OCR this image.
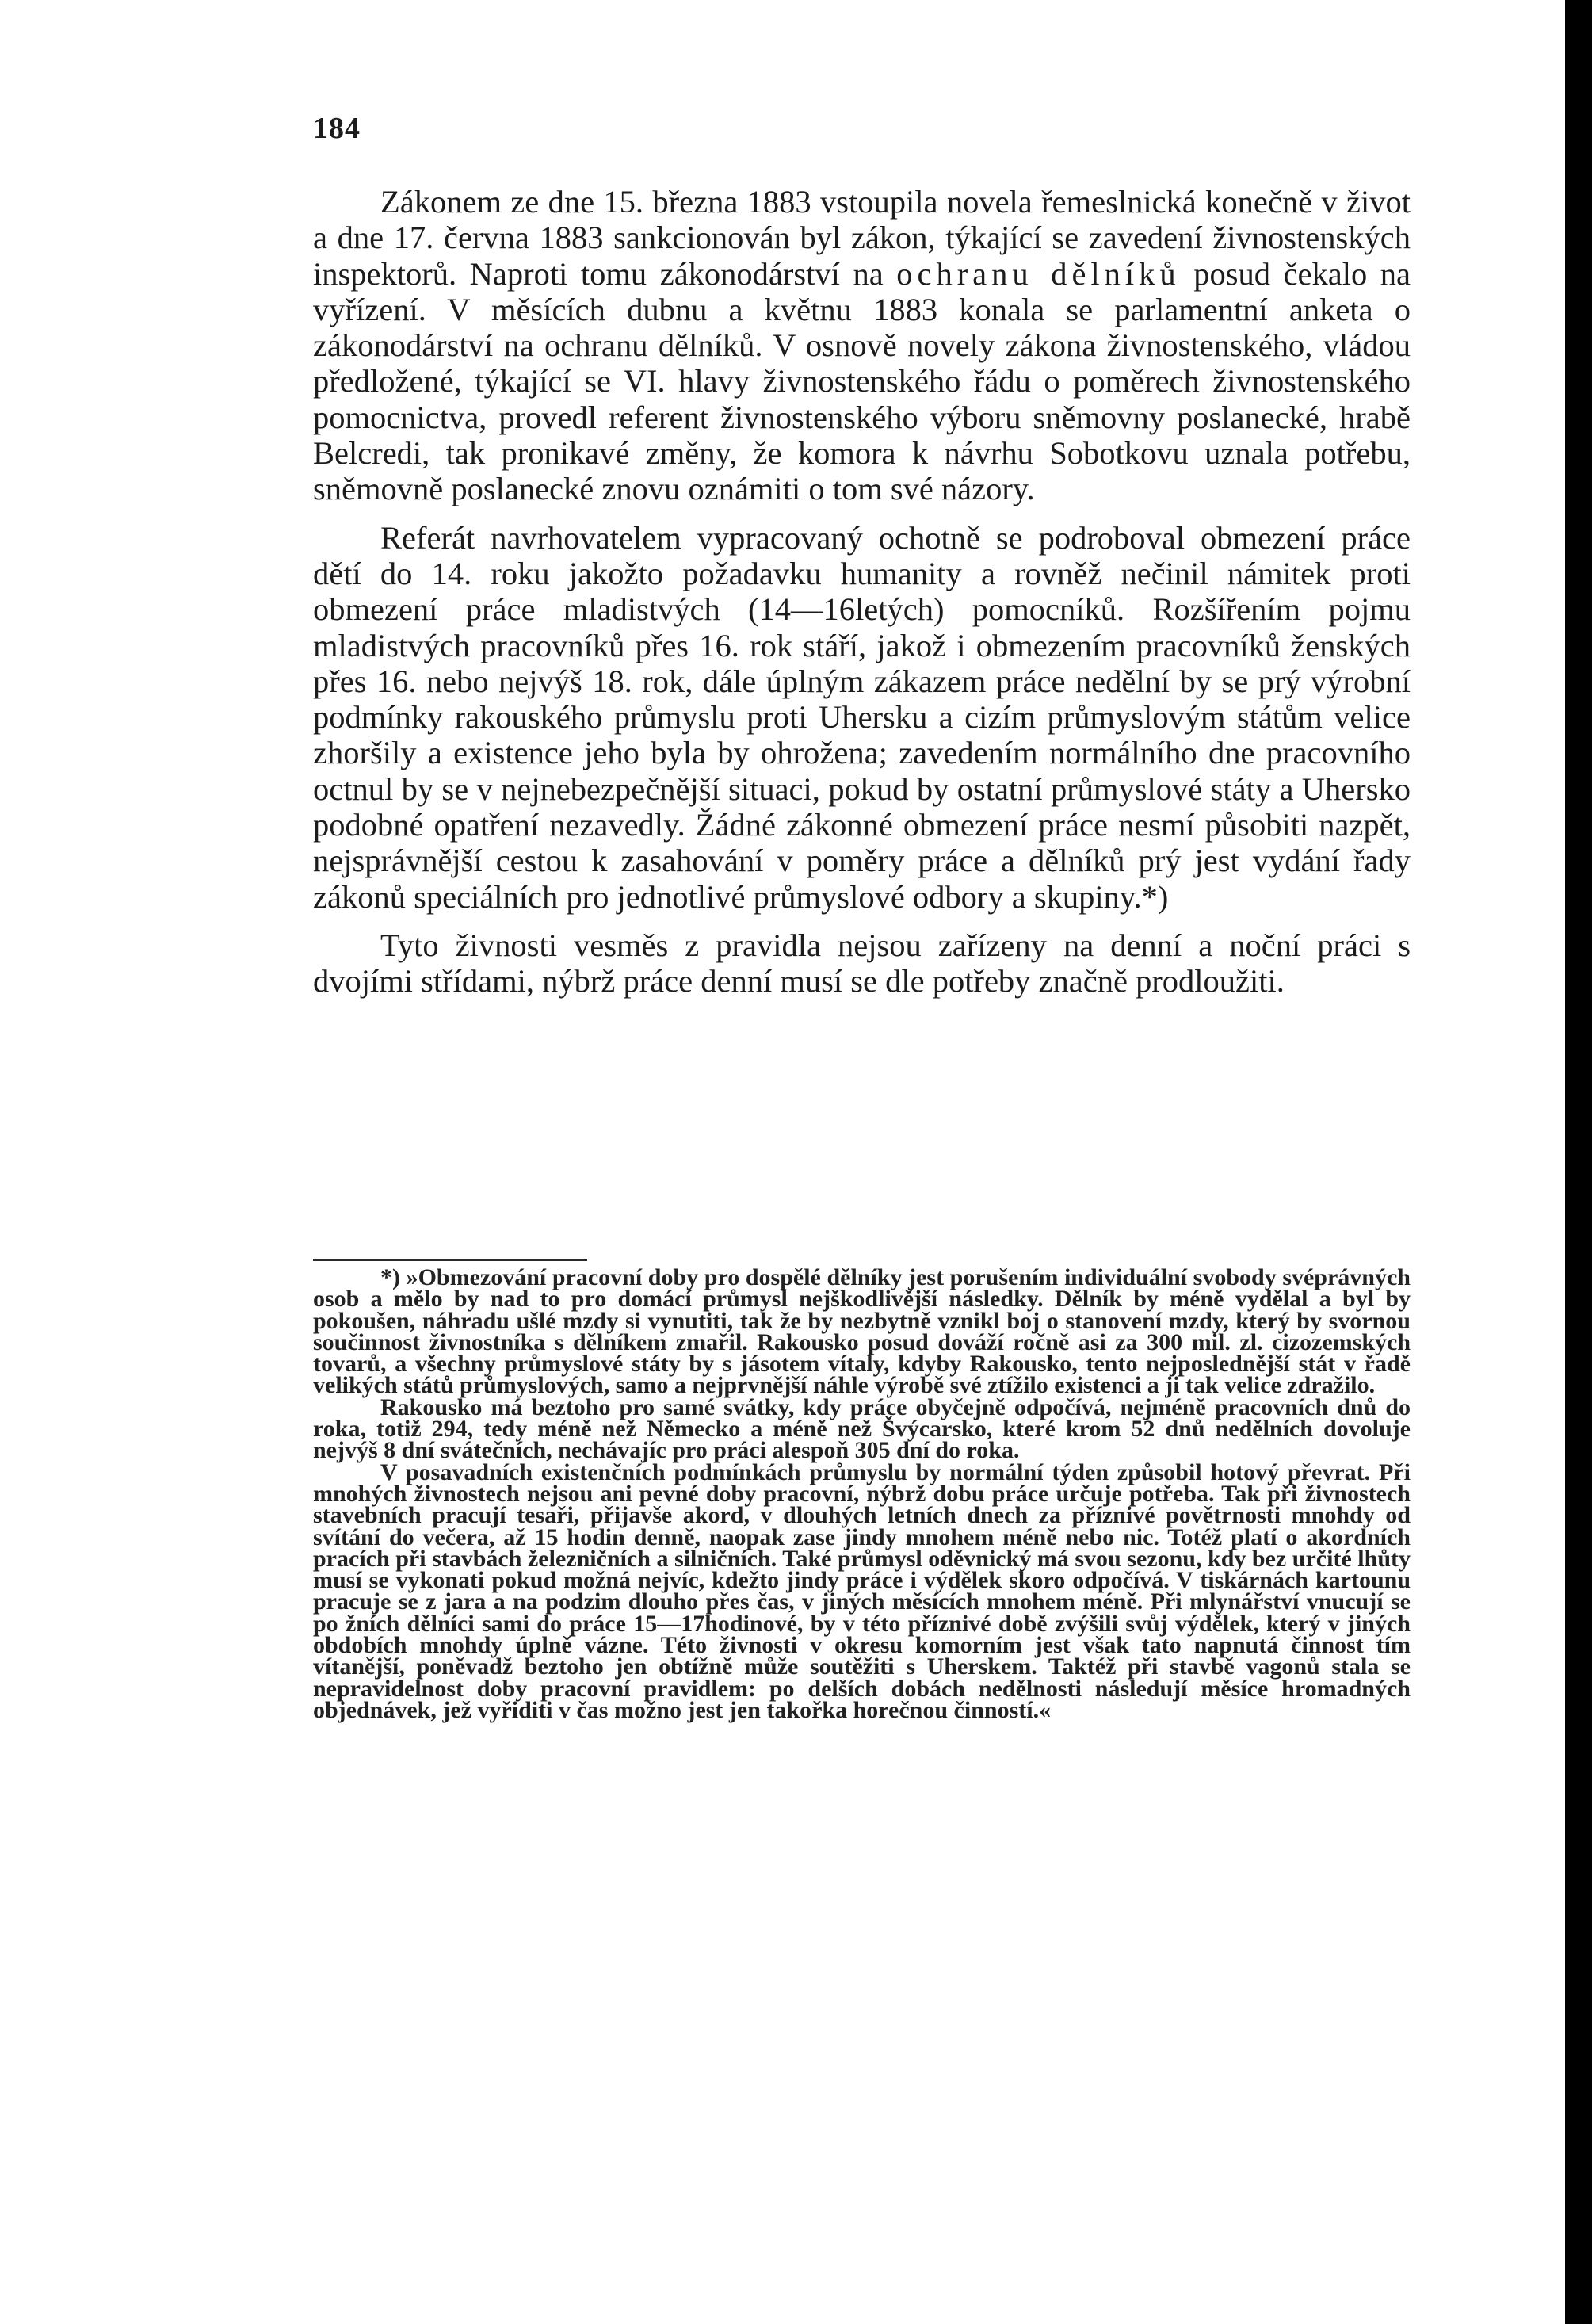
184

Zákonem ze dne 15. března 1883 vstoupila novela řemeslnická konečně v život a dne 17. června 1883 sankcionován byl zákon, týkající se zavedení živnostenských inspektorů. Naproti tomu zákonodárství na ochranu dělníků posud čekalo na vyřízení. V měsících dubnu a květnu 1883 konala se parlamentní anketa o zákonodárství na ochranu dělníků. V osnově novely zákona živnostenského, vládou předložené, týkající se VI. hlavy živnostenského řádu o poměrech živnostenského pomocnictva, provedl referent živnostenského výboru sněmovny poslanecké, hrabě Belcredi, tak pronikavé změny, že komora k návrhu Sobotkovu uznala potřebu, sněmovně poslanecké znovu oznámiti o tom své názory.

Referát navrhovatelem vypracovaný ochotně se podroboval obmezení práce dětí do 14. roku jakožto požadavku humanity a rovněž nečinil námitek proti obmezení práce mladistvých (14—16letých) pomocníků. Rozšířením pojmu mladistvých pracovníků přes 16. rok stáří, jakož i obmezením pracovníků ženských přes 16. nebo nejvýš 18. rok, dále úplným zákazem práce nedělní by se prý výrobní podmínky rakouského průmyslu proti Uhersku a cizím průmyslovým státům velice zhoršily a existence jeho byla by ohrožena; zavedením normálního dne pracovního octnul by se v nejnebezpečnější situaci, pokud by ostatní průmyslové státy a Uhersko podobné opatření nezavedly. Žádné zákonné obmezení práce nesmí působiti nazpět, nejsprávnější cestou k zasahování v poměry práce a dělníků prý jest vydání řady zákonů speciálních pro jednotlivé průmyslové odbory a skupiny.*)

Tyto živnosti vesměs z pravidla nejsou zařízeny na denní a noční práci s dvojími střídami, nýbrž práce denní musí se dle potřeby značně prodloužiti.

*) »Obmezování pracovní doby pro dospělé dělníky jest porušením individuální svobody svéprávných osob a mělo by nad to pro domácí průmysl nejškodlivější následky. Dělník by méně vydělal a byl by pokoušen, náhradu ušlé mzdy si vynutiti, tak že by nezbytně vznikl boj o stanovení mzdy, který by svornou součinnost živnostníka s dělníkem zmařil. Rakousko posud dováží ročně asi za 300 mil. zl. cizozemských tovarů, a všechny průmyslové státy by s jásotem vítaly, kdyby Rakousko, tento nejposlednější stát v řadě velikých států průmyslových, samo a nejprvnější náhle výrobě své ztížilo existenci a ji tak velice zdražilo.

Rakousko má beztoho pro samé svátky, kdy práce obyčejně odpočívá, nejméně pracovních dnů do roka, totiž 294, tedy méně než Německo a méně než Švýcarsko, které krom 52 dnů nedělních dovoluje nejvýš 8 dní svátečních, nechávajíc pro práci alespoň 305 dní do roka.

V posavadních existenčních podmínkách průmyslu by normální týden způsobil hotový převrat. Při mnohých živnostech nejsou ani pevné doby pracovní, nýbrž dobu práce určuje potřeba. Tak při živnostech stavebních pracují tesaři, přijavše akord, v dlouhých letních dnech za příznivé povětrnosti mnohdy od svítání do večera, až 15 hodin denně, naopak zase jindy mnohem méně nebo nic. Totéž platí o akordních pracích při stavbách železničních a silničních. Také průmysl oděvnický má svou sezonu, kdy bez určité lhůty musí se vykonati pokud možná nejvíc, kdežto jindy práce i výdělek skoro odpočívá. V tiskárnách kartounu pracuje se z jara a na podzim dlouho přes čas, v jiných měsících mnohem méně. Při mlynářství vnucují se po žních dělníci sami do práce 15—17hodinové, by v této příznivé době zvýšili svůj výdělek, který v jiných obdobích mnohdy úplně vázne. Této živnosti v okresu komorním jest však tato napnutá činnost tím vítanější, poněvadž beztoho jen obtížně může soutěžiti s Uherskem. Taktéž při stavbě vagonů stala se nepravidelnost doby pracovní pravidlem: po delších dobách nedělnosti následují měsíce hromadných objednávek, jež vyřiditi v čas možno jest jen takořka horečnou činností.«
